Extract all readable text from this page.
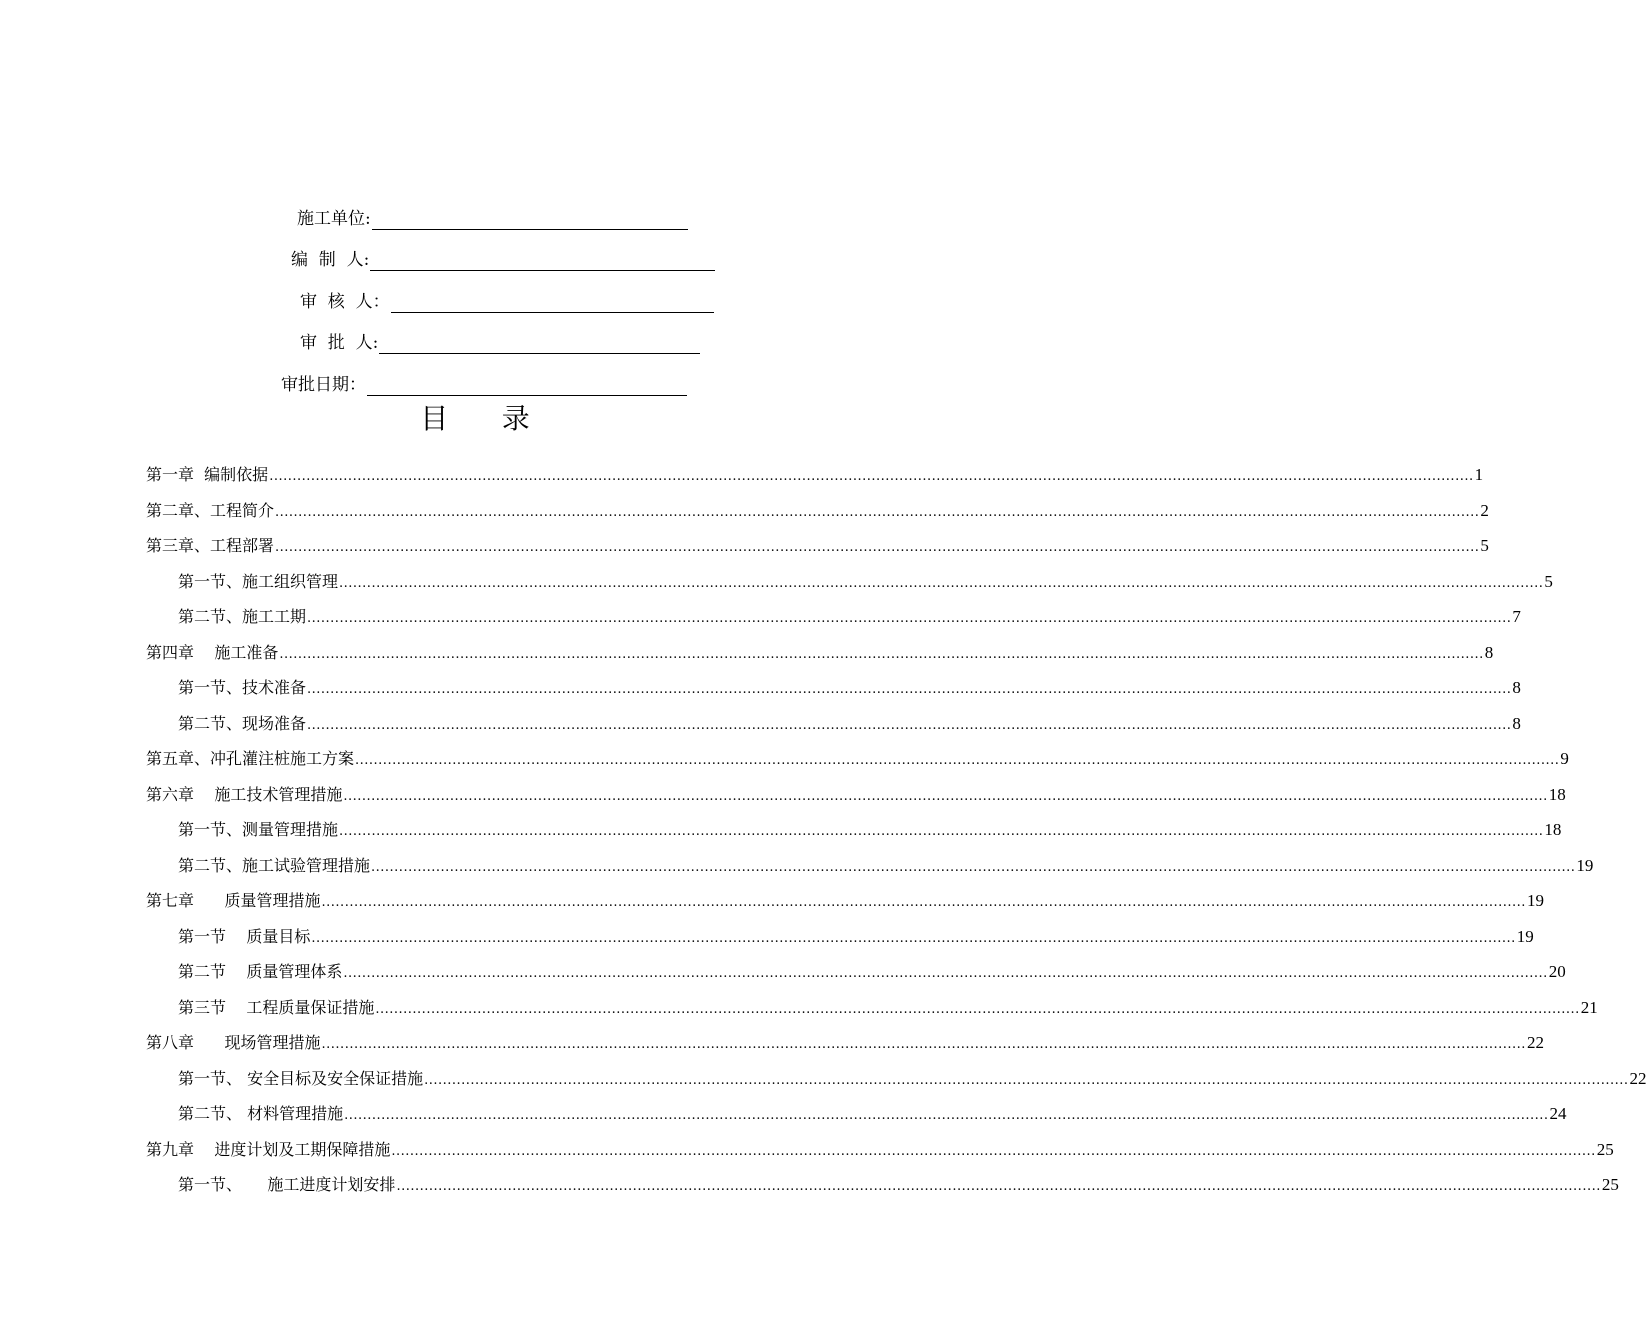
施工单位:
编  制  人:
审  核  人：
审  批  人:
审批日期：
目 录
第一章  编制依据 .................................................................................................................................................................................................................................................................... 1
第二章、工程简介 .................................................................................................................................................................................................................................................................... 2
第三章、工程部署 .................................................................................................................................................................................................................................................................... 5
第一节、施工组织管理 .................................................................................................................................................................................................................................................................... 5
第二节、施工工期 .................................................................................................................................................................................................................................................................... 7
第四章    施工准备 .................................................................................................................................................................................................................................................................... 8
第一节、技术准备 .................................................................................................................................................................................................................................................................... 8
第二节、现场准备 .................................................................................................................................................................................................................................................................... 8
第五章、冲孔灌注桩施工方案 .................................................................................................................................................................................................................................................................... 9
第六章    施工技术管理措施 .................................................................................................................................................................................................................................................................... 18
第一节、测量管理措施 .................................................................................................................................................................................................................................................................... 18
第二节、施工试验管理措施 .................................................................................................................................................................................................................................................................... 19
第七章      质量管理措施 .................................................................................................................................................................................................................................................................... 19
第一节    质量目标 .................................................................................................................................................................................................................................................................... 19
第二节    质量管理体系 .................................................................................................................................................................................................................................................................... 20
第三节    工程质量保证措施 .................................................................................................................................................................................................................................................................... 21
第八章      现场管理措施 .................................................................................................................................................................................................................................................................... 22
第一节、 安全目标及安全保证措施 .................................................................................................................................................................................................................................................................... 22
第二节、 材料管理措施 .................................................................................................................................................................................................................................................................... 24
第九章    进度计划及工期保障措施 .................................................................................................................................................................................................................................................................... 25
第一节、     施工进度计划安排 .................................................................................................................................................................................................................................................................... 25
